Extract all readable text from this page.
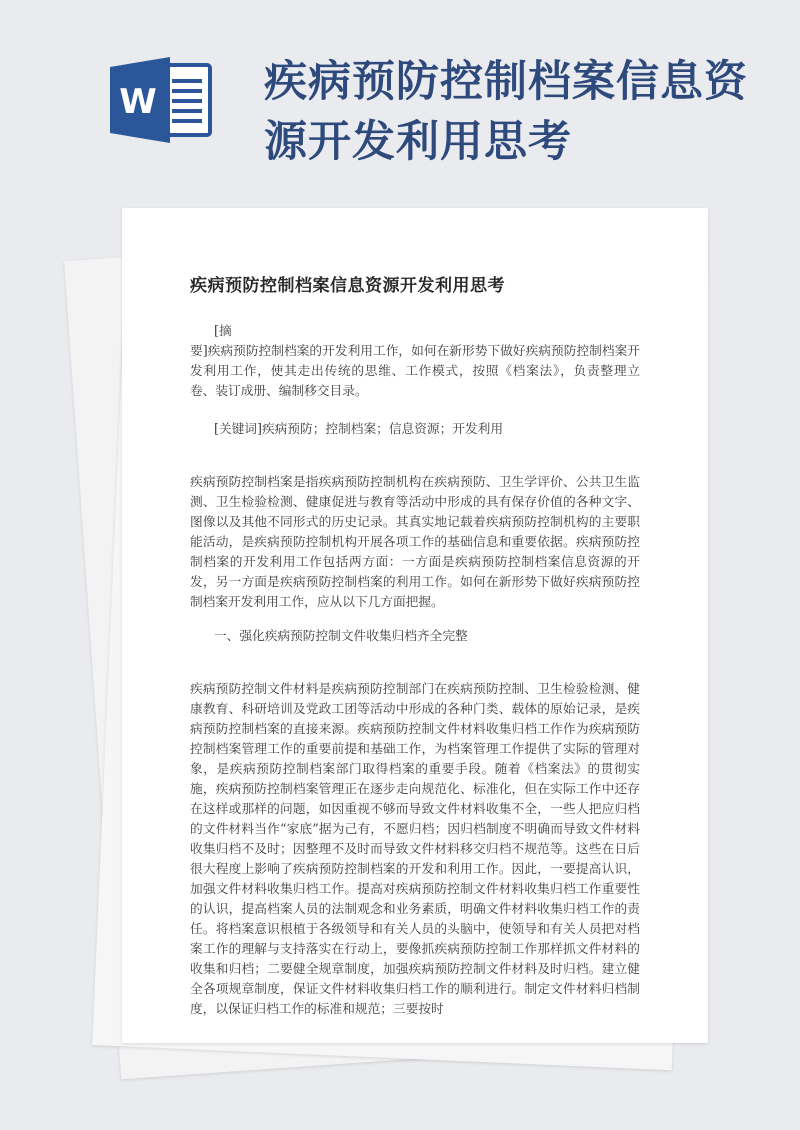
W 疾病预防控制档案信息资源开发利用思考
疾病预防控制档案信息资源开发利用思考

[摘

要]疾病预防控制档案的开发利用工作，如何在新形势下做好疾病预防控制档案开发利用工作，使其走出传统的思维、工作模式，按照《档案法》，负责整理立卷、装订成册、编制移交目录。

[关键词]疾病预防；控制档案；信息资源；开发利用

疾病预防控制档案是指疾病预防控制机构在疾病预防、卫生学评价、公共卫生监测、卫生检验检测、健康促进与教育等活动中形成的具有保存价值的各种文字、图像以及其他不同形式的历史记录。其真实地记载着疾病预防控制机构的主要职能活动，是疾病预防控制机构开展各项工作的基础信息和重要依据。疾病预防控制档案的开发利用工作包括两方面：一方面是疾病预防控制档案信息资源的开发，另一方面是疾病预防控制档案的利用工作。如何在新形势下做好疾病预防控制档案开发利用工作，应从以下几方面把握。

一、强化疾病预防控制文件收集归档齐全完整

疾病预防控制文件材料是疾病预防控制部门在疾病预防控制、卫生检验检测、健康教育、科研培训及党政工团等活动中形成的各种门类、载体的原始记录，是疾病预防控制档案的直接来源。疾病预防控制文件材料收集归档工作作为疾病预防控制档案管理工作的重要前提和基础工作，为档案管理工作提供了实际的管理对象，是疾病预防控制档案部门取得档案的重要手段。随着《档案法》的贯彻实施，疾病预防控制档案管理正在逐步走向规范化、标准化，但在实际工作中还存在这样或那样的问题，如因重视不够而导致文件材料收集不全，一些人把应归档的文件材料当作“家底”据为己有，不愿归档；因归档制度不明确而导致文件材料收集归档不及时；因整理不及时而导致文件材料移交归档不规范等。这些在日后很大程度上影响了疾病预防控制档案的开发和利用工作。因此，一要提高认识，加强文件材料收集归档工作。提高对疾病预防控制文件材料收集归档工作重要性的认识，提高档案人员的法制观念和业务素质，明确文件材料收集归档工作的责任。将档案意识根植于各级领导和有关人员的头脑中，使领导和有关人员把对档案工作的理解与支持落实在行动上，要像抓疾病预防控制工作那样抓文件材料的收集和归档；二要健全规章制度，加强疾病预防控制文件材料及时归档。建立健全各项规章制度，保证文件材料收集归档工作的顺利进行。制定文件材料归档制度，以保证归档工作的标准和规范；三要按时
